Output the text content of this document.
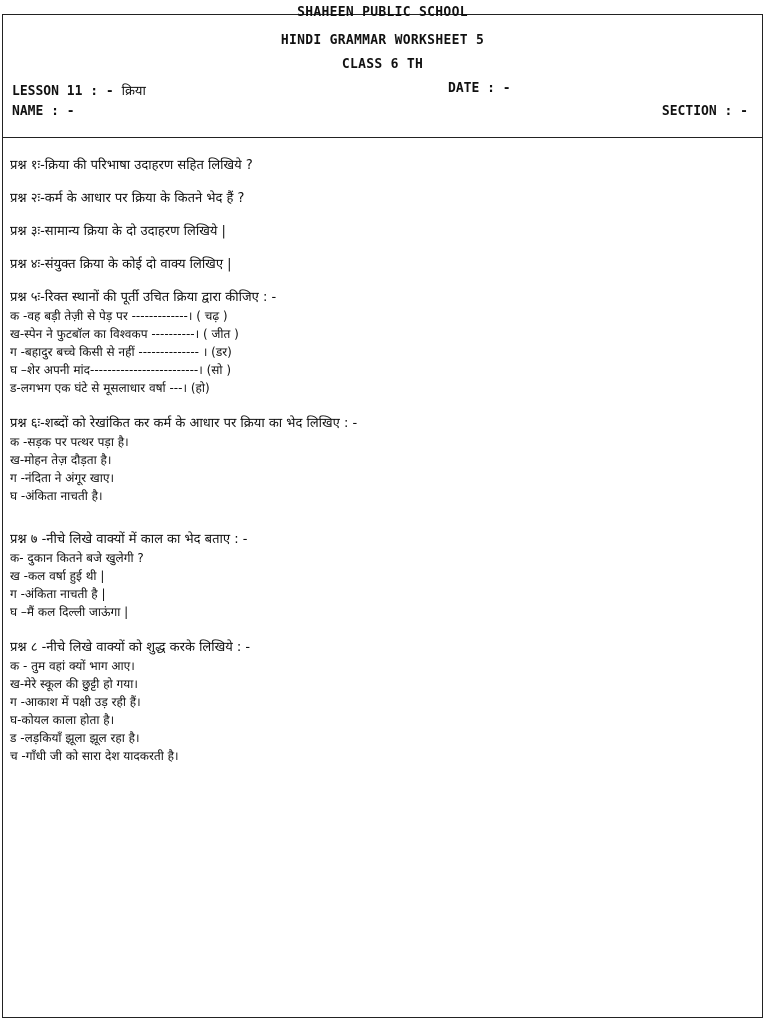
SHAHEEN PUBLIC SCHOOL
HINDI GRAMMAR WORKSHEET 5
CLASS 6 TH
LESSON 11 : - क्रिया	DATE : -
NAME : -	SECTION : -

प्रश्न १ः-क्रिया की परिभाषा उदाहरण सहित लिखिये ?

प्रश्न २ः-कर्म के आधार पर क्रिया के कितने भेद हैं ?

प्रश्न ३ः-सामान्य क्रिया के दो उदाहरण लिखिये |

प्रश्न ४ः-संयुक्त क्रिया के कोई दो वाक्य लिखिए |

प्रश्न ५ः-रिक्त स्थानों की पूर्ती उचित क्रिया द्वारा कीजिए : -

क -वह बड़ी तेज़ी से पेड़ पर -------------। ( चढ़ )

ख-स्पेन ने फुटबॉल का विश्वकप ----------। ( जीत )

ग -बहादुर बच्चे किसी से नहीं -------------- । (डर)

घ –शेर अपनी मांद-------------------------। (सो )

ड-लगभग एक घंटे से मूसलाधार वर्षा ---। (हो)

प्रश्न ६ः-शब्दों को रेखांकित कर कर्म के आधार पर क्रिया का भेद लिखिए : -

क -सड़क पर पत्थर पड़ा है।

ख-मोहन तेज़ दौड़ता है।

ग -नंदिता ने अंगूर खाए।

घ -अंकिता नाचती है।

प्रश्न ७ -नीचे लिखे वाक्यों में काल का भेद बताए : -

क- दुकान कितने बजे खुलेगी ?

ख -कल वर्षा हुई थी |

ग -अंकिता नाचती है |

घ –मैं कल दिल्ली जाऊंगा |

प्रश्न ८ -नीचे लिखे वाक्यों को शुद्ध करके लिखिये : -

क - तुम वहां क्यों भाग आए।

ख-मेरे स्कूल की छुट्टी हो गया।

ग -आकाश में पक्षी उड़ रही हैं।

घ-कोयल काला होता है।

ड -लड़कियाँ झूला झूल रहा है।

च -गाँधी जी को सारा देश यादकरती है।
